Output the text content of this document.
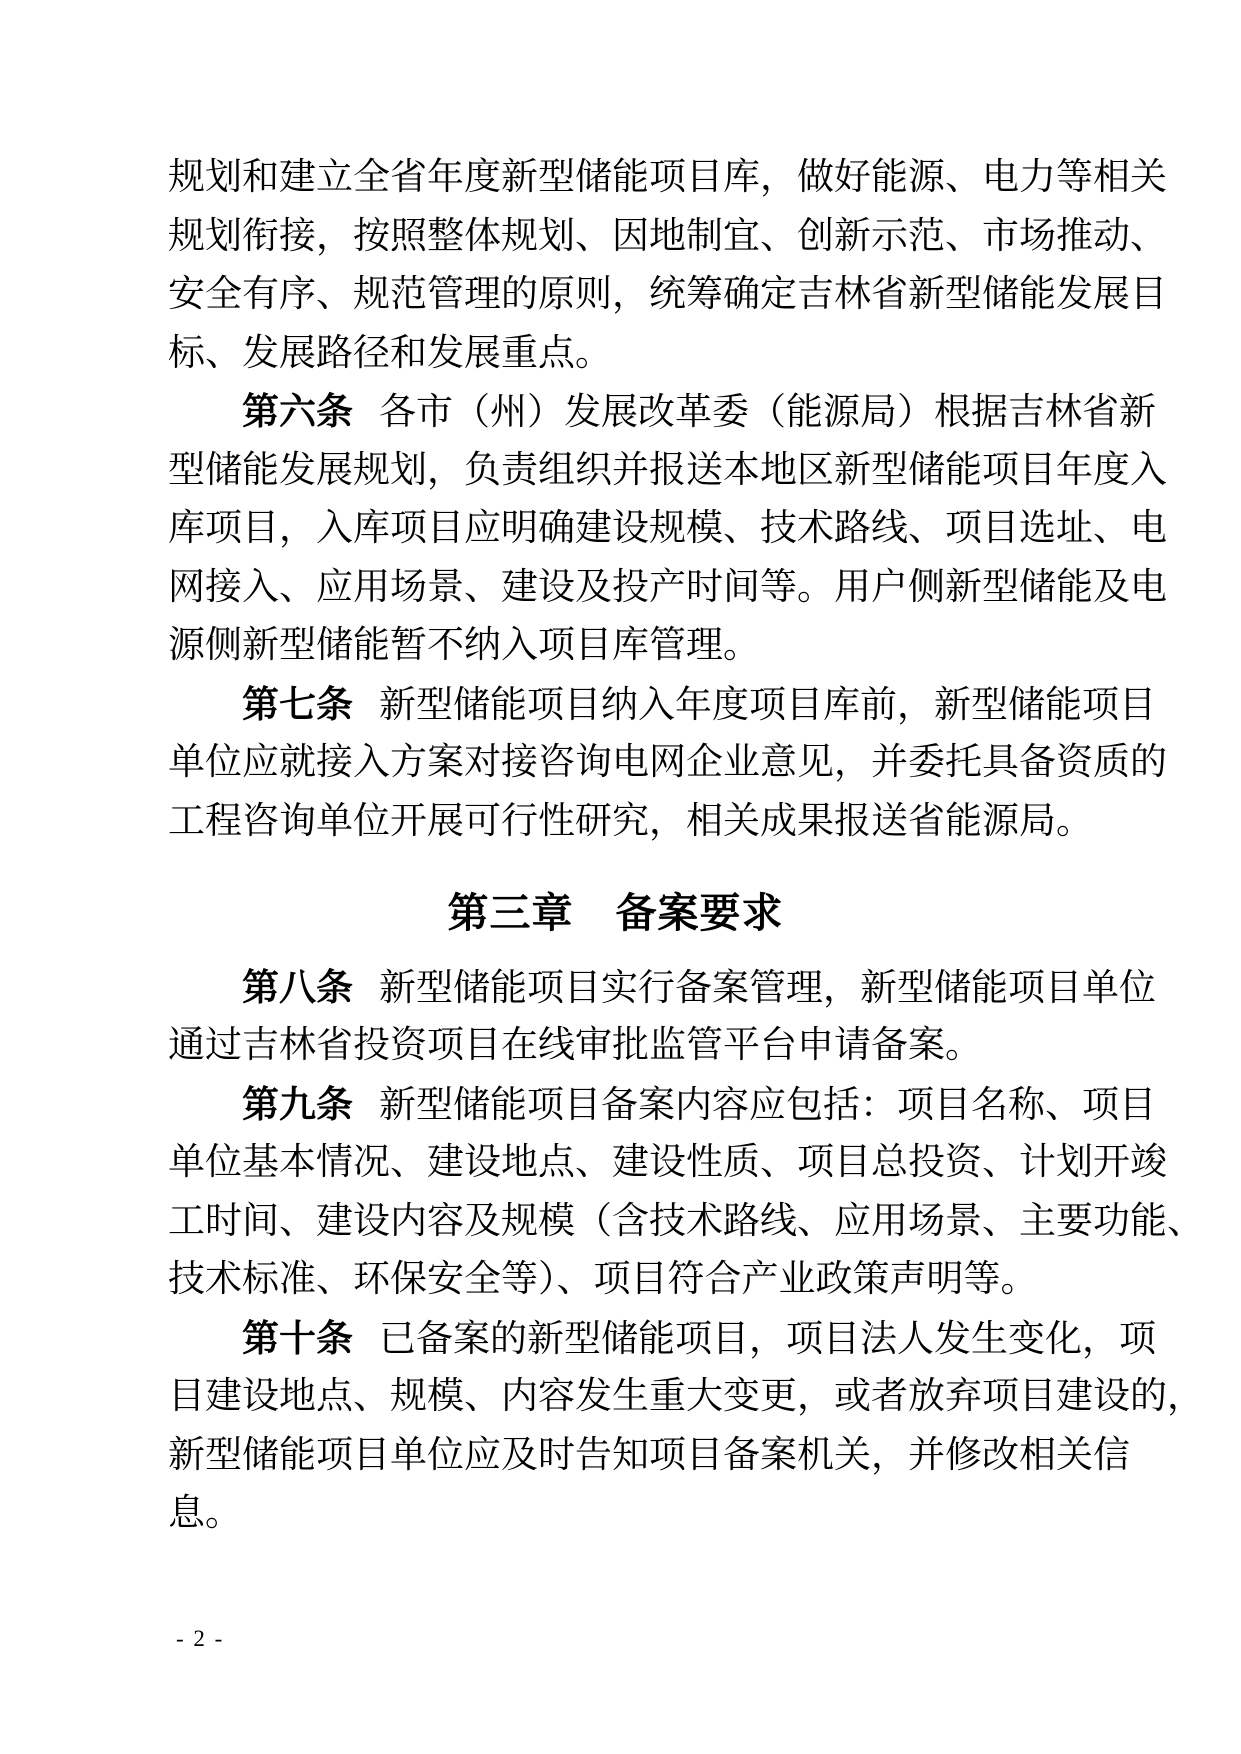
规划和建立全省年度新型储能项目库，做好能源、电力等相关
规划衔接，按照整体规划、因地制宜、创新示范、市场推动、
安全有序、规范管理的原则，统筹确定吉林省新型储能发展目
标、发展路径和发展重点。
第六条 各市（州）发展改革委（能源局）根据吉林省新
型储能发展规划，负责组织并报送本地区新型储能项目年度入
库项目，入库项目应明确建设规模、技术路线、项目选址、电
网接入、应用场景、建设及投产时间等。用户侧新型储能及电
源侧新型储能暂不纳入项目库管理。
第七条 新型储能项目纳入年度项目库前，新型储能项目
单位应就接入方案对接咨询电网企业意见，并委托具备资质的
工程咨询单位开展可行性研究，相关成果报送省能源局。
第三章　备案要求
第八条 新型储能项目实行备案管理，新型储能项目单位
通过吉林省投资项目在线审批监管平台申请备案。
第九条 新型储能项目备案内容应包括：项目名称、项目
单位基本情况、建设地点、建设性质、项目总投资、计划开竣
工时间、建设内容及规模（含技术路线、应用场景、主要功能、
技术标准、环保安全等）、项目符合产业政策声明等。
第十条 已备案的新型储能项目，项目法人发生变化，项
目建设地点、规模、内容发生重大变更，或者放弃项目建设的，
新型储能项目单位应及时告知项目备案机关，并修改相关信
息。
- 2 -
